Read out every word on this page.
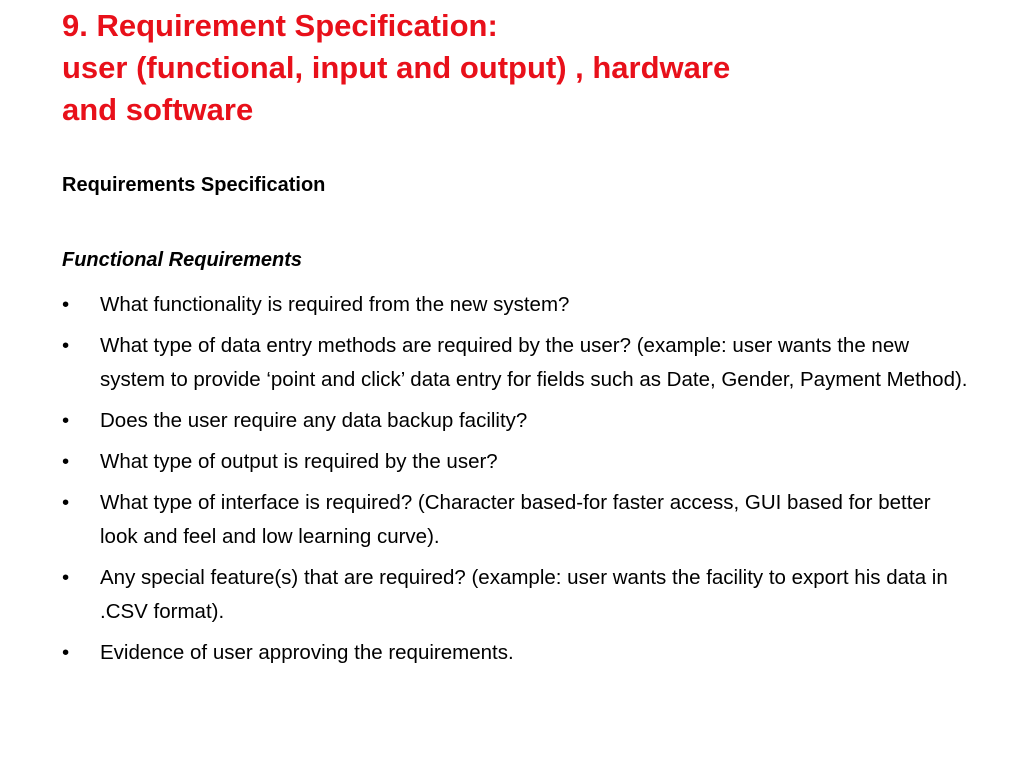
9. Requirement Specification:
user (functional, input and output) , hardware
and software

Requirements Specification

Functional Requirements

•	What functionality is required from the new system?
•	What type of data entry methods are required by the user? (example: user wants the new system to provide ‘point and click’ data entry for fields such as Date, Gender, Payment Method).
•	Does the user require any data backup facility?
•	What type of output is required by the user?
•	What type of interface is required? (Character based-for faster access, GUI based for better look and feel and low learning curve).
•	Any special feature(s) that are required? (example: user wants the facility to export his data in .CSV format).
•	Evidence of user approving the requirements.
